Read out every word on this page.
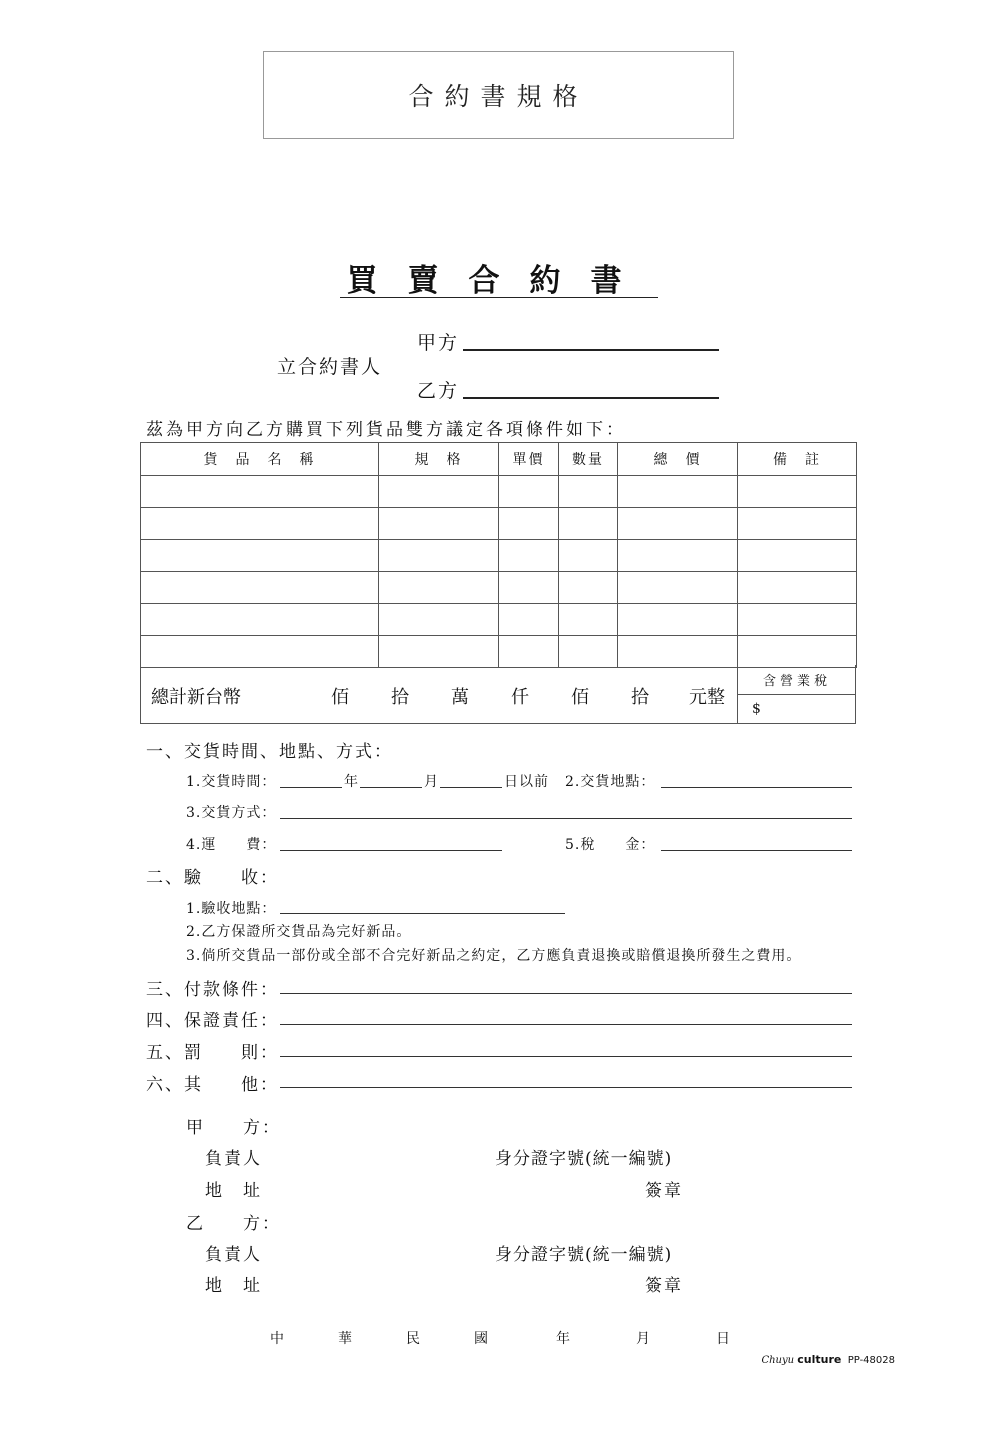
合約書規格
買賣合約書
立合約書人
甲方
乙方
茲為甲方向乙方購買下列貨品雙方議定各項條件如下：
貨　品　名　稱	規　格	單價	數量	總　價	備　註

總計新台幣	佰 拾 萬 仟 佰 拾 元整
含營業稅
$
一、交貨時間、地點、方式：
1.交貨時間：	年	月	日以前 2.交貨地點：
3.交貨方式：
4.運　　費：	5.稅　　金：
二、驗　　收：
1.驗收地點：
2.乙方保證所交貨品為完好新品。
3.倘所交貨品一部份或全部不合完好新品之約定，乙方應負責退換或賠償退換所發生之費用。
三、付款條件：
四、保證責任：
五、罰　　則：
六、其　　他：
甲　　方：
負責人	身分證字號(統一編號)
地　址	簽章
乙　　方：
負責人	身分證字號(統一編號)
地　址	簽章
中　華　民　國	年	月	日
Chuyu culture PP-48028
